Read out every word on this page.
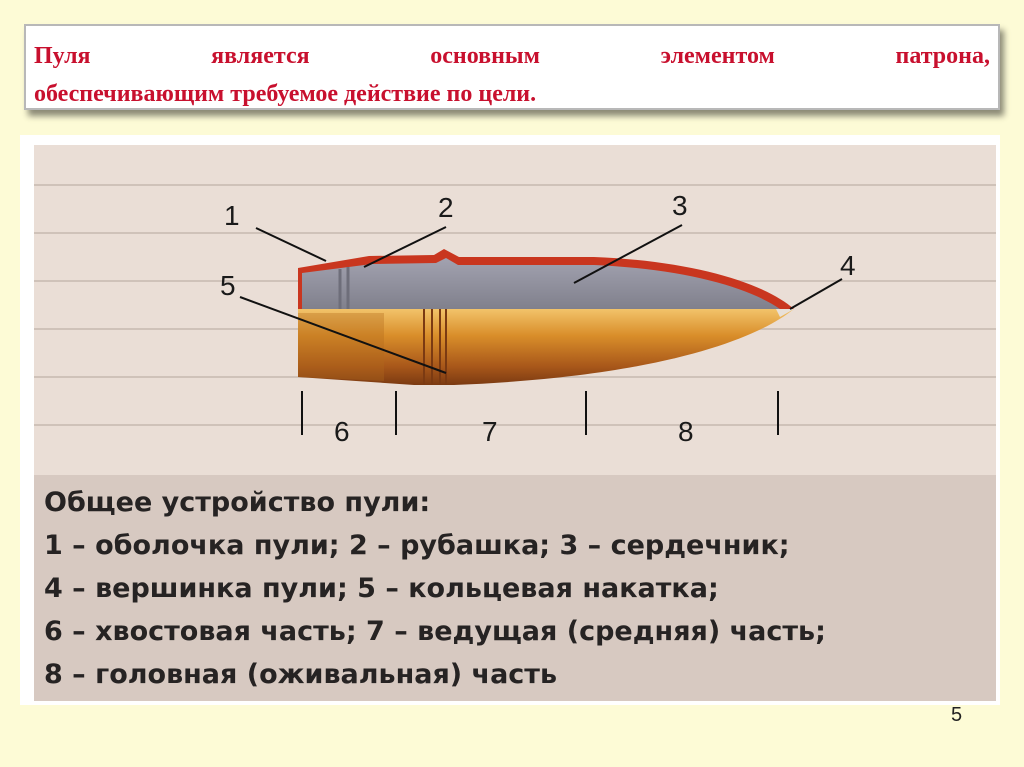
Пуля	является	основным	элементом	патрона,
обеспечивающим требуемое действие по цели.
1	2	3
4
5
6	7	8
Общее устройство пули:
1 – оболочка пули; 2 – рубашка; 3 – сердечник;
4 – вершинка пули; 5 – кольцевая накатка;
6 – хвостовая часть; 7 – ведущая (средняя) часть;
8 – головная (оживальная) часть
5
